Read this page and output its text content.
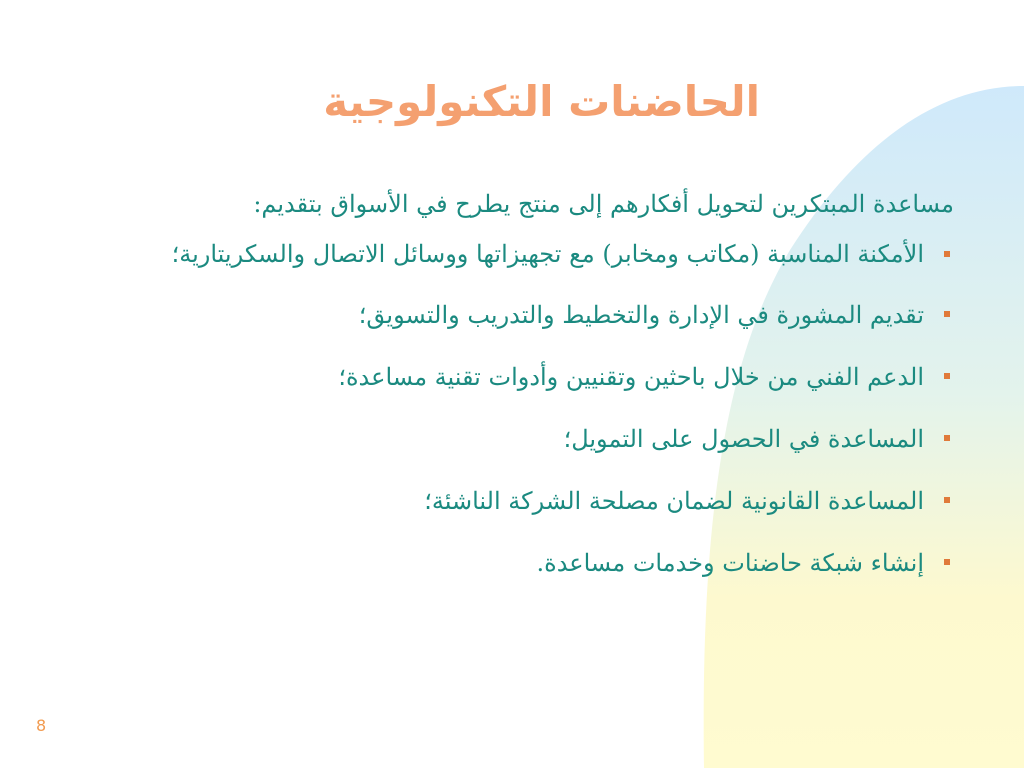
الحاضنات التكنولوجية

مساعدة المبتكرين لتحويل أفكارهم إلى منتج يطرح في الأسواق بتقديم:

الأمكنة المناسبة (مكاتب ومخابر) مع تجهيزاتها ووسائل الاتصال والسكريتارية؛
تقديم المشورة في الإدارة والتخطيط والتدريب والتسويق؛
الدعم الفني من خلال باحثين وتقنيين وأدوات تقنية مساعدة؛
المساعدة في الحصول على التمويل؛
المساعدة القانونية لضمان مصلحة الشركة الناشئة؛
إنشاء شبكة حاضنات وخدمات مساعدة.
8
